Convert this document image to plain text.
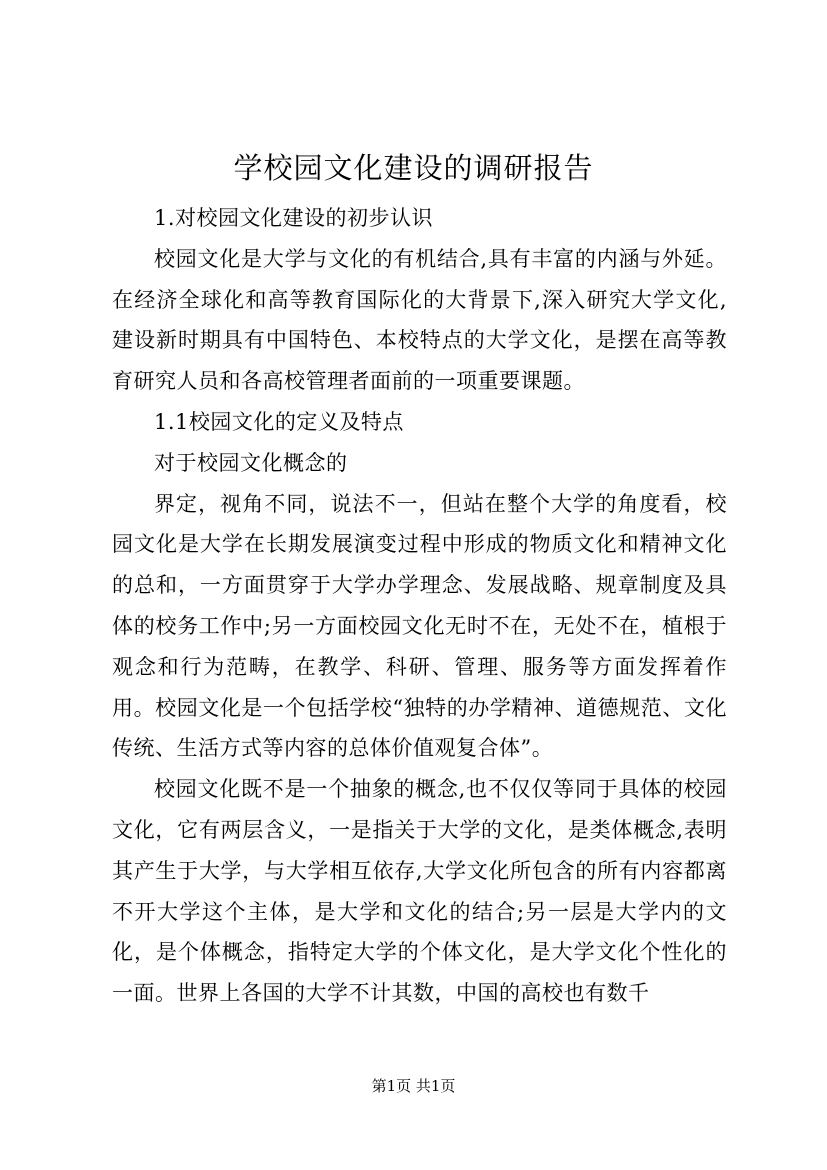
学校园文化建设的调研报告

1.对校园文化建设的初步认识

校园文化是大学与文化的有机结合,具有丰富的内涵与外延。在经济全球化和高等教育国际化的大背景下,深入研究大学文化,建设新时期具有中国特色、本校特点的大学文化，是摆在高等教育研究人员和各高校管理者面前的一项重要课题。

1.1校园文化的定义及特点

对于校园文化概念的

界定，视角不同，说法不一，但站在整个大学的角度看，校园文化是大学在长期发展演变过程中形成的物质文化和精神文化的总和，一方面贯穿于大学办学理念、发展战略、规章制度及具体的校务工作中;另一方面校园文化无时不在，无处不在，植根于观念和行为范畴，在教学、科研、管理、服务等方面发挥着作用。校园文化是一个包括学校“独特的办学精神、道德规范、文化传统、生活方式等内容的总体价值观复合体”。

校园文化既不是一个抽象的概念,也不仅仅等同于具体的校园文化，它有两层含义，一是指关于大学的文化，是类体概念,表明其产生于大学，与大学相互依存,大学文化所包含的所有内容都离不开大学这个主体，是大学和文化的结合;另一层是大学内的文化，是个体概念，指特定大学的个体文化，是大学文化个性化的一面。世界上各国的大学不计其数，中国的高校也有数千

第1页 共1页
